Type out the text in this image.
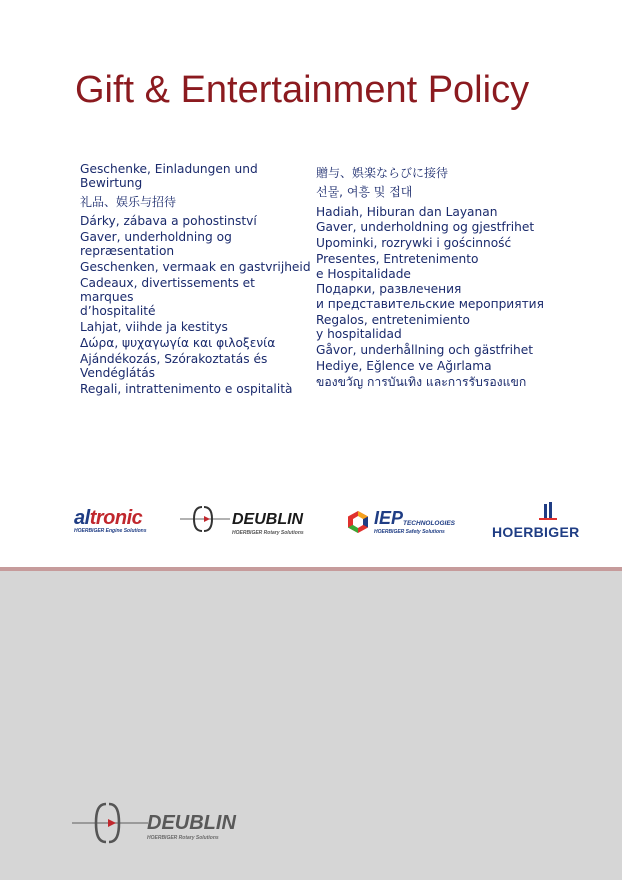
Gift & Entertainment Policy
Geschenke, Einladungen und
Bewirtung
礼品、娱乐与招待
Dárky, zábava a pohostinství
Gaver, underholdning og
repræsentation
Geschenken, vermaak en gastvrijheid
Cadeaux, divertissements et marques
d’hospitalité
Lahjat, viihde ja kestitys
Δώρα, ψυχαγωγία και φιλοξενία
Ajándékozás, Szórakoztatás és
Vendéglátás
Regali, intrattenimento e ospitalità
贈与、娯楽ならびに接待
선물, 여흥 및 접대
Hadiah, Hiburan dan Layanan
Gaver, underholdning og gjestfrihet
Upominki, rozrywki i gościnność
Presentes, Entretenimento
e Hospitalidade
Подарки, развлечения
и представительские мероприятия
Regalos, entretenimiento
y hospitalidad
Gåvor, underhållning och gästfrihet
Hediye, Eğlence ve Ağırlama
ของขวัญ การบันเทิง และการรับรองแขก
altronic
HOERBIGER Engine Solutions
DEUBLIN
HOERBIGER Rotary Solutions
IEP TECHNOLOGIES
HOERBIGER Safety Solutions	HOERBIGER
DEUBLIN
HOERBIGER Rotary Solutions
